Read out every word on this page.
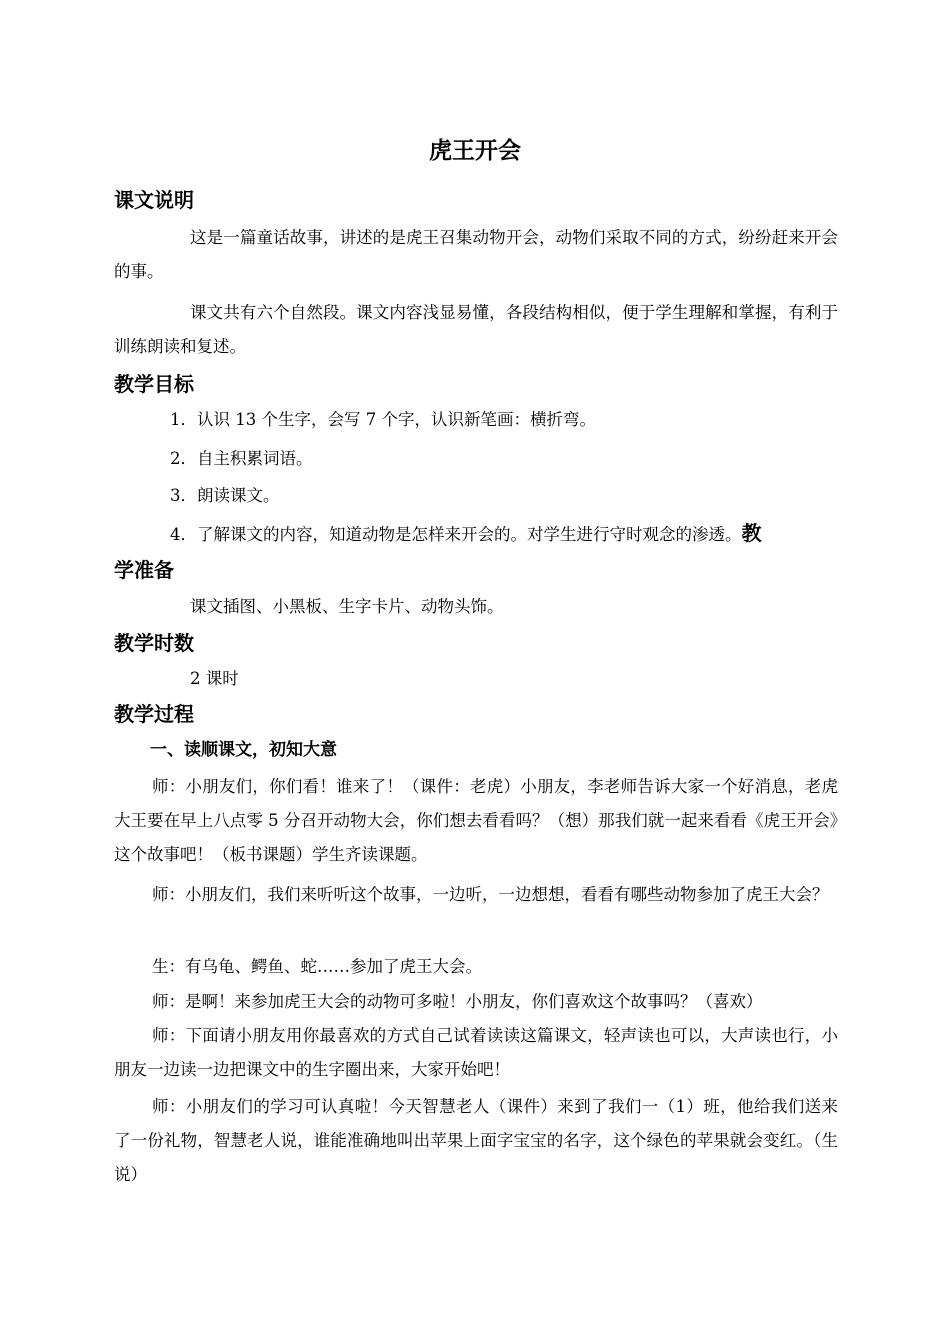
虎王开会
课文说明
这是一篇童话故事，讲述的是虎王召集动物开会，动物们采取不同的方式，纷纷赶来开会的事。
课文共有六个自然段。课文内容浅显易懂，各段结构相似，便于学生理解和掌握，有利于训练朗读和复述。
教学目标
1．认识 13 个生字，会写 7 个字，认识新笔画：横折弯。
2．自主积累词语。
3．朗读课文。
4．了解课文的内容，知道动物是怎样来开会的。对学生进行守时观念的渗透。教
学准备
课文插图、小黑板、生字卡片、动物头饰。
教学时数
2 课时
教学过程
一、读顺课文，初知大意
师：小朋友们，你们看！谁来了！（课件：老虎）小朋友，李老师告诉大家一个好消息，老虎大王要在早上八点零 5 分召开动物大会，你们想去看看吗？（想）那我们就一起来看看《虎王开会》这个故事吧！（板书课题）学生齐读课题。
师：小朋友们，我们来听听这个故事，一边听，一边想想，看看有哪些动物参加了虎王大会？
生：有乌龟、鳄鱼、蛇……参加了虎王大会。
师：是啊！来参加虎王大会的动物可多啦！小朋友，你们喜欢这个故事吗？（喜欢）
师：下面请小朋友用你最喜欢的方式自己试着读读这篇课文，轻声读也可以，大声读也行，小朋友一边读一边把课文中的生字圈出来，大家开始吧！
师：小朋友们的学习可认真啦！今天智慧老人（课件）来到了我们一（1）班，他给我们送来了一份礼物，智慧老人说，谁能准确地叫出苹果上面字宝宝的名字，这个绿色的苹果就会变红。（生说）
